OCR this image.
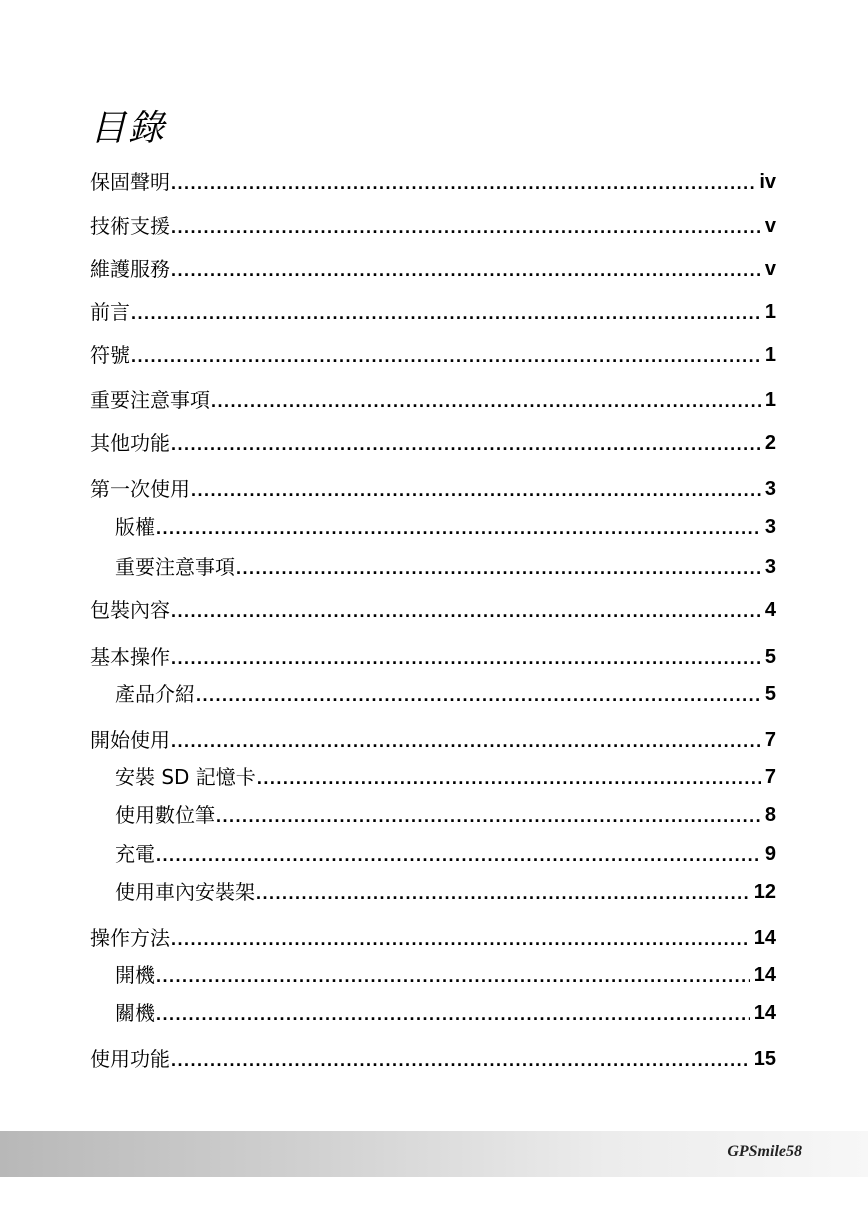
目錄
保固聲明 .....	iv
技術支援 .....	v
維護服務 .....	v
前言 .....	1
符號 .....	1
重要注意事項 .....	1
其他功能 .....	2
第一次使用 .....	3
版權 .....	3
重要注意事項 .....	3
包裝內容 .....	4
基本操作 .....	5
產品介紹 .....	5
開始使用 .....	7
安裝 SD 記憶卡 .....	7
使用數位筆 .....	8
充電 .....	9
使用車內安裝架 .....	12
操作方法 .....	14
開機 .....	14
關機 .....	14
使用功能 .....	15
GPSmile58
